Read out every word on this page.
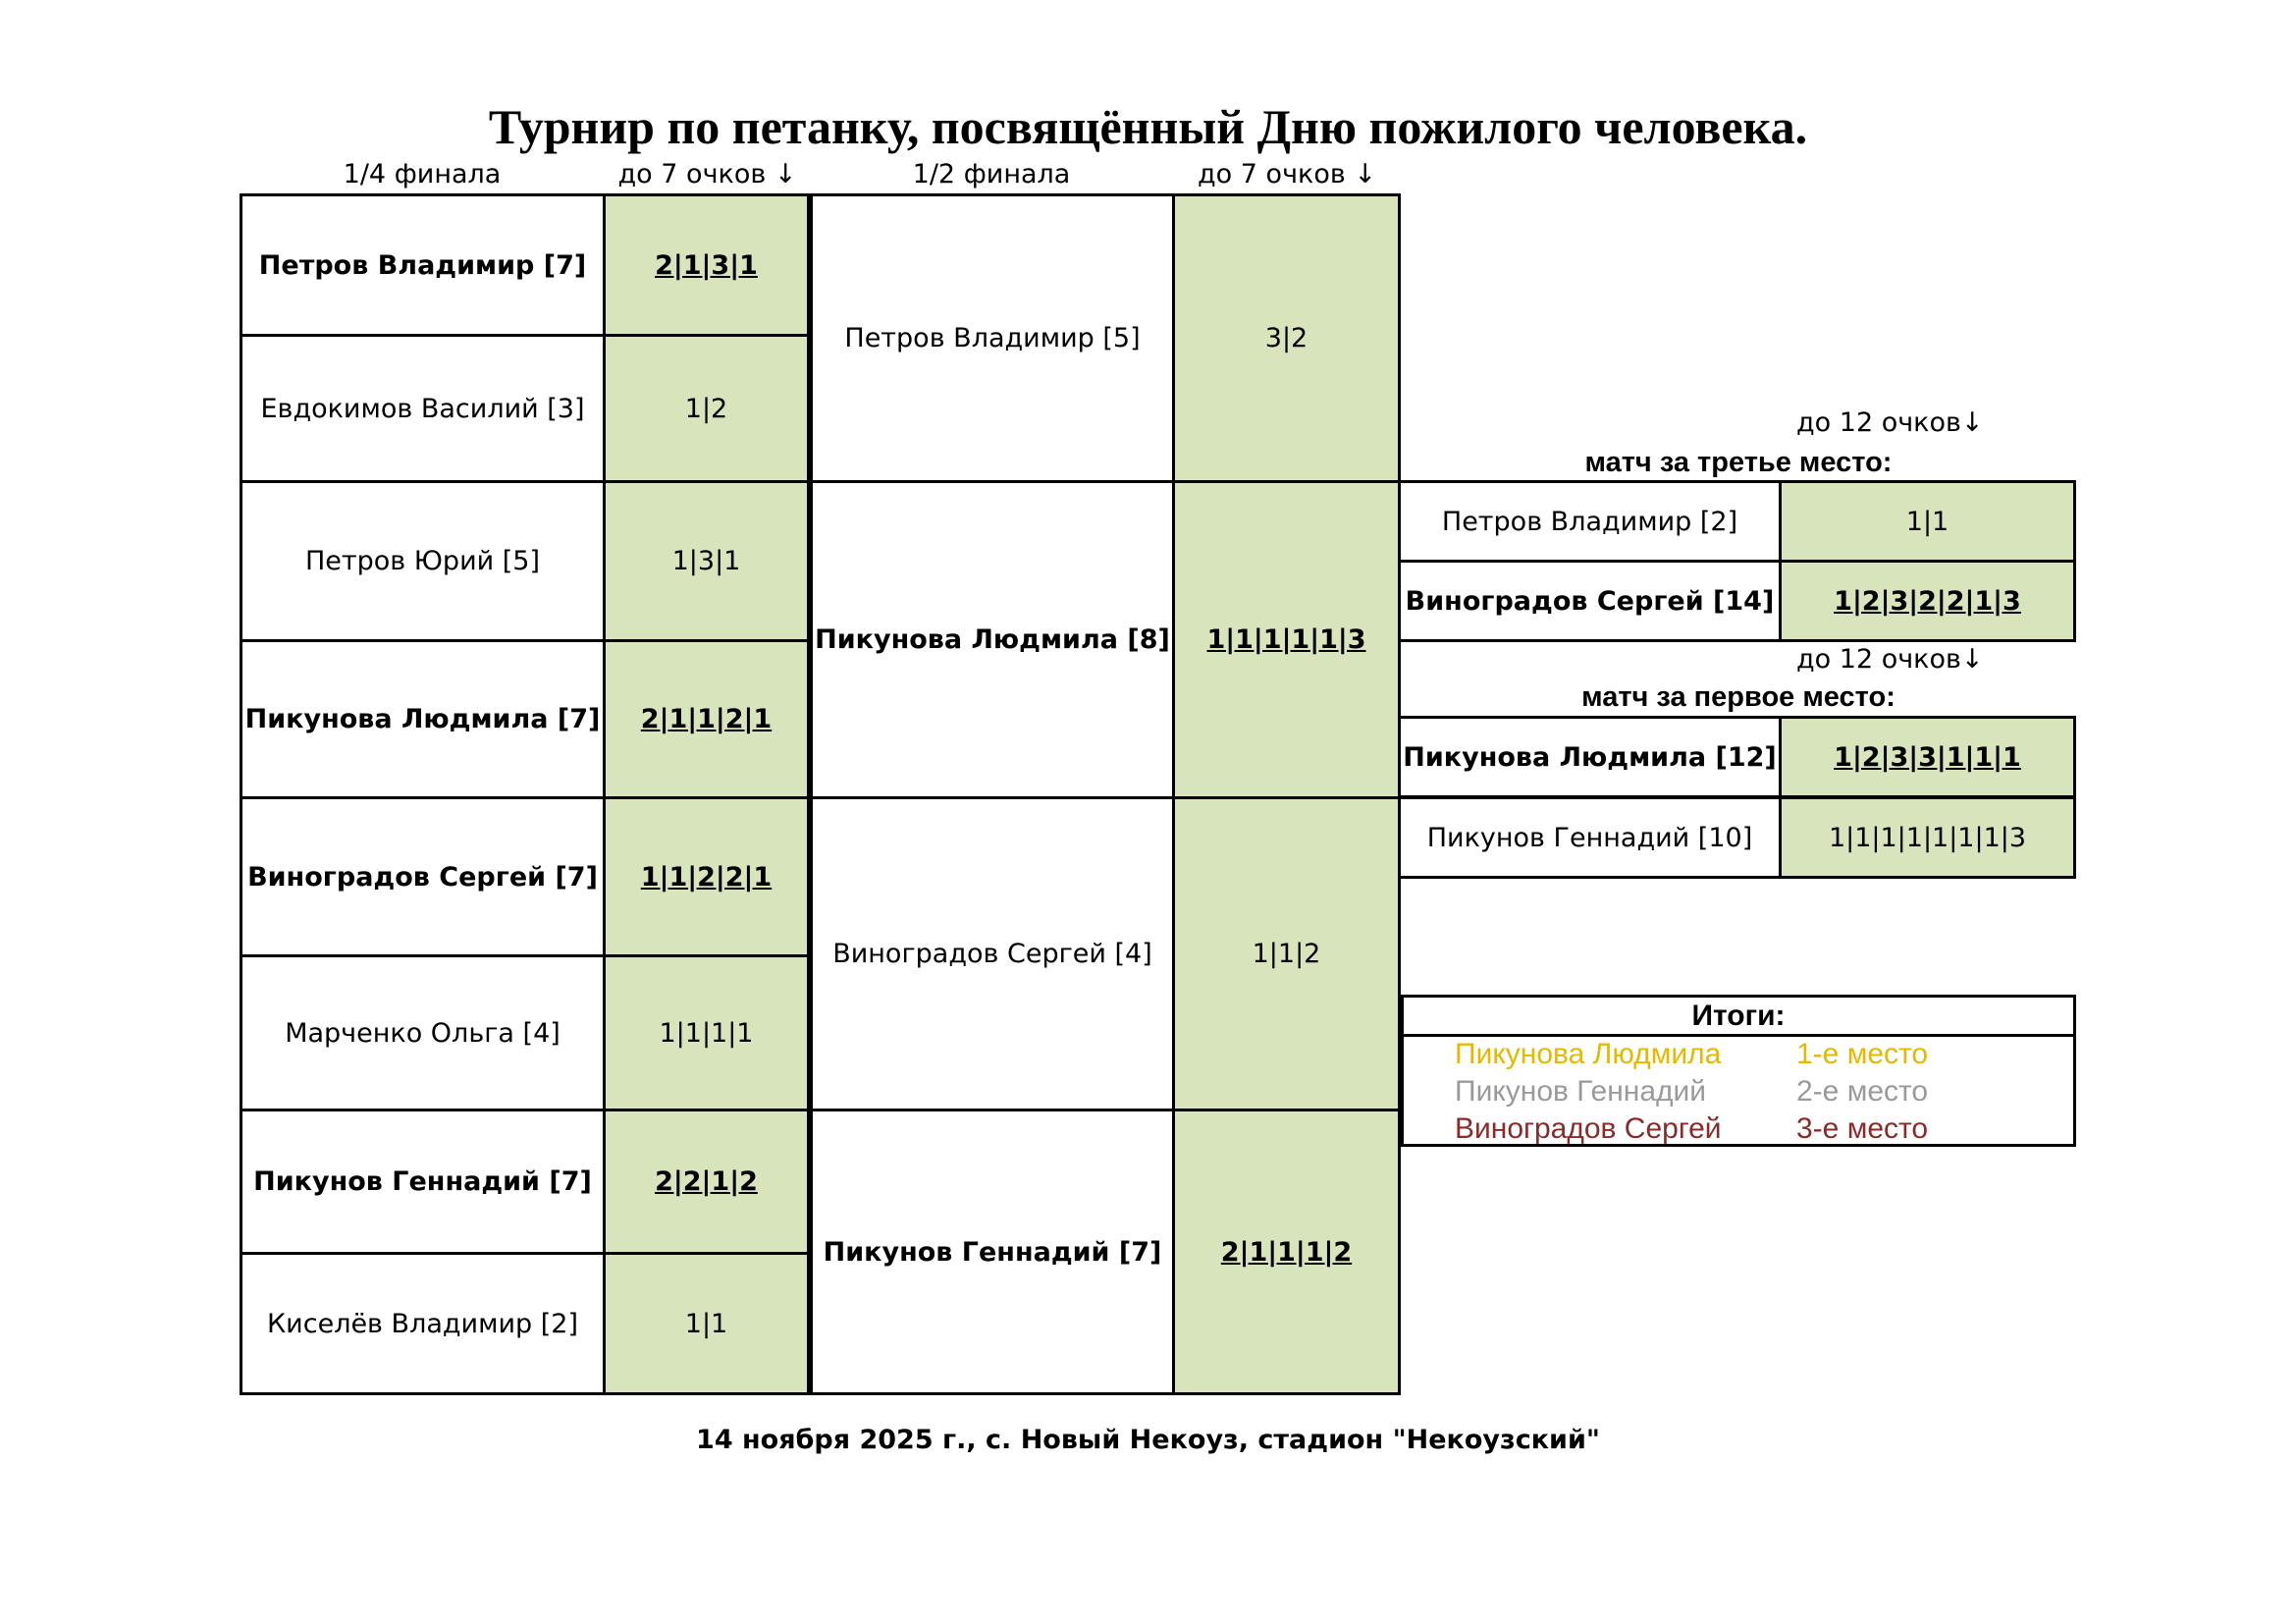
Турнир по петанку, посвящённый Дню пожилого человека.
1/4 финала	до 7 очков ↓	1/2 финала	до 7 очков ↓
Петров Владимир [7]	2|1|3|1
Евдокимов Василий [3]	1|2
Петров Юрий [5]	1|3|1
Пикунова Людмила [7] 2|1|1|2|1
Виноградов Сергей [7] 1|1|2|2|1
Марченко Ольга [4]	1|1|1|1
Пикунов Геннадий [7] 2|2|1|2
Киселёв Владимир [2]	1|1
Петров Владимир [5]	3|2
Пикунова Людмила [8] 1|1|1|1|1|3
Виноградов Сергей [4]	1|1|2
Пикунов Геннадий [7] 2|1|1|1|2
до 12 очков↓
матч за третье место:
Петров Владимир [2]	1|1
Виноградов Сергей [14] 1|2|3|2|2|1|3
до 12 очков↓
матч за первое место:
Пикунова Людмила [12] 1|2|3|3|1|1|1
Пикунов Геннадий [10]	1|1|1|1|1|1|1|3
Итоги:
Пикунова Людмила	1-е место
Пикунов Геннадий	2-е место
Виноградов Сергей	3-е место
14 ноября 2025 г., с. Новый Некоуз, стадион "Некоузский"
